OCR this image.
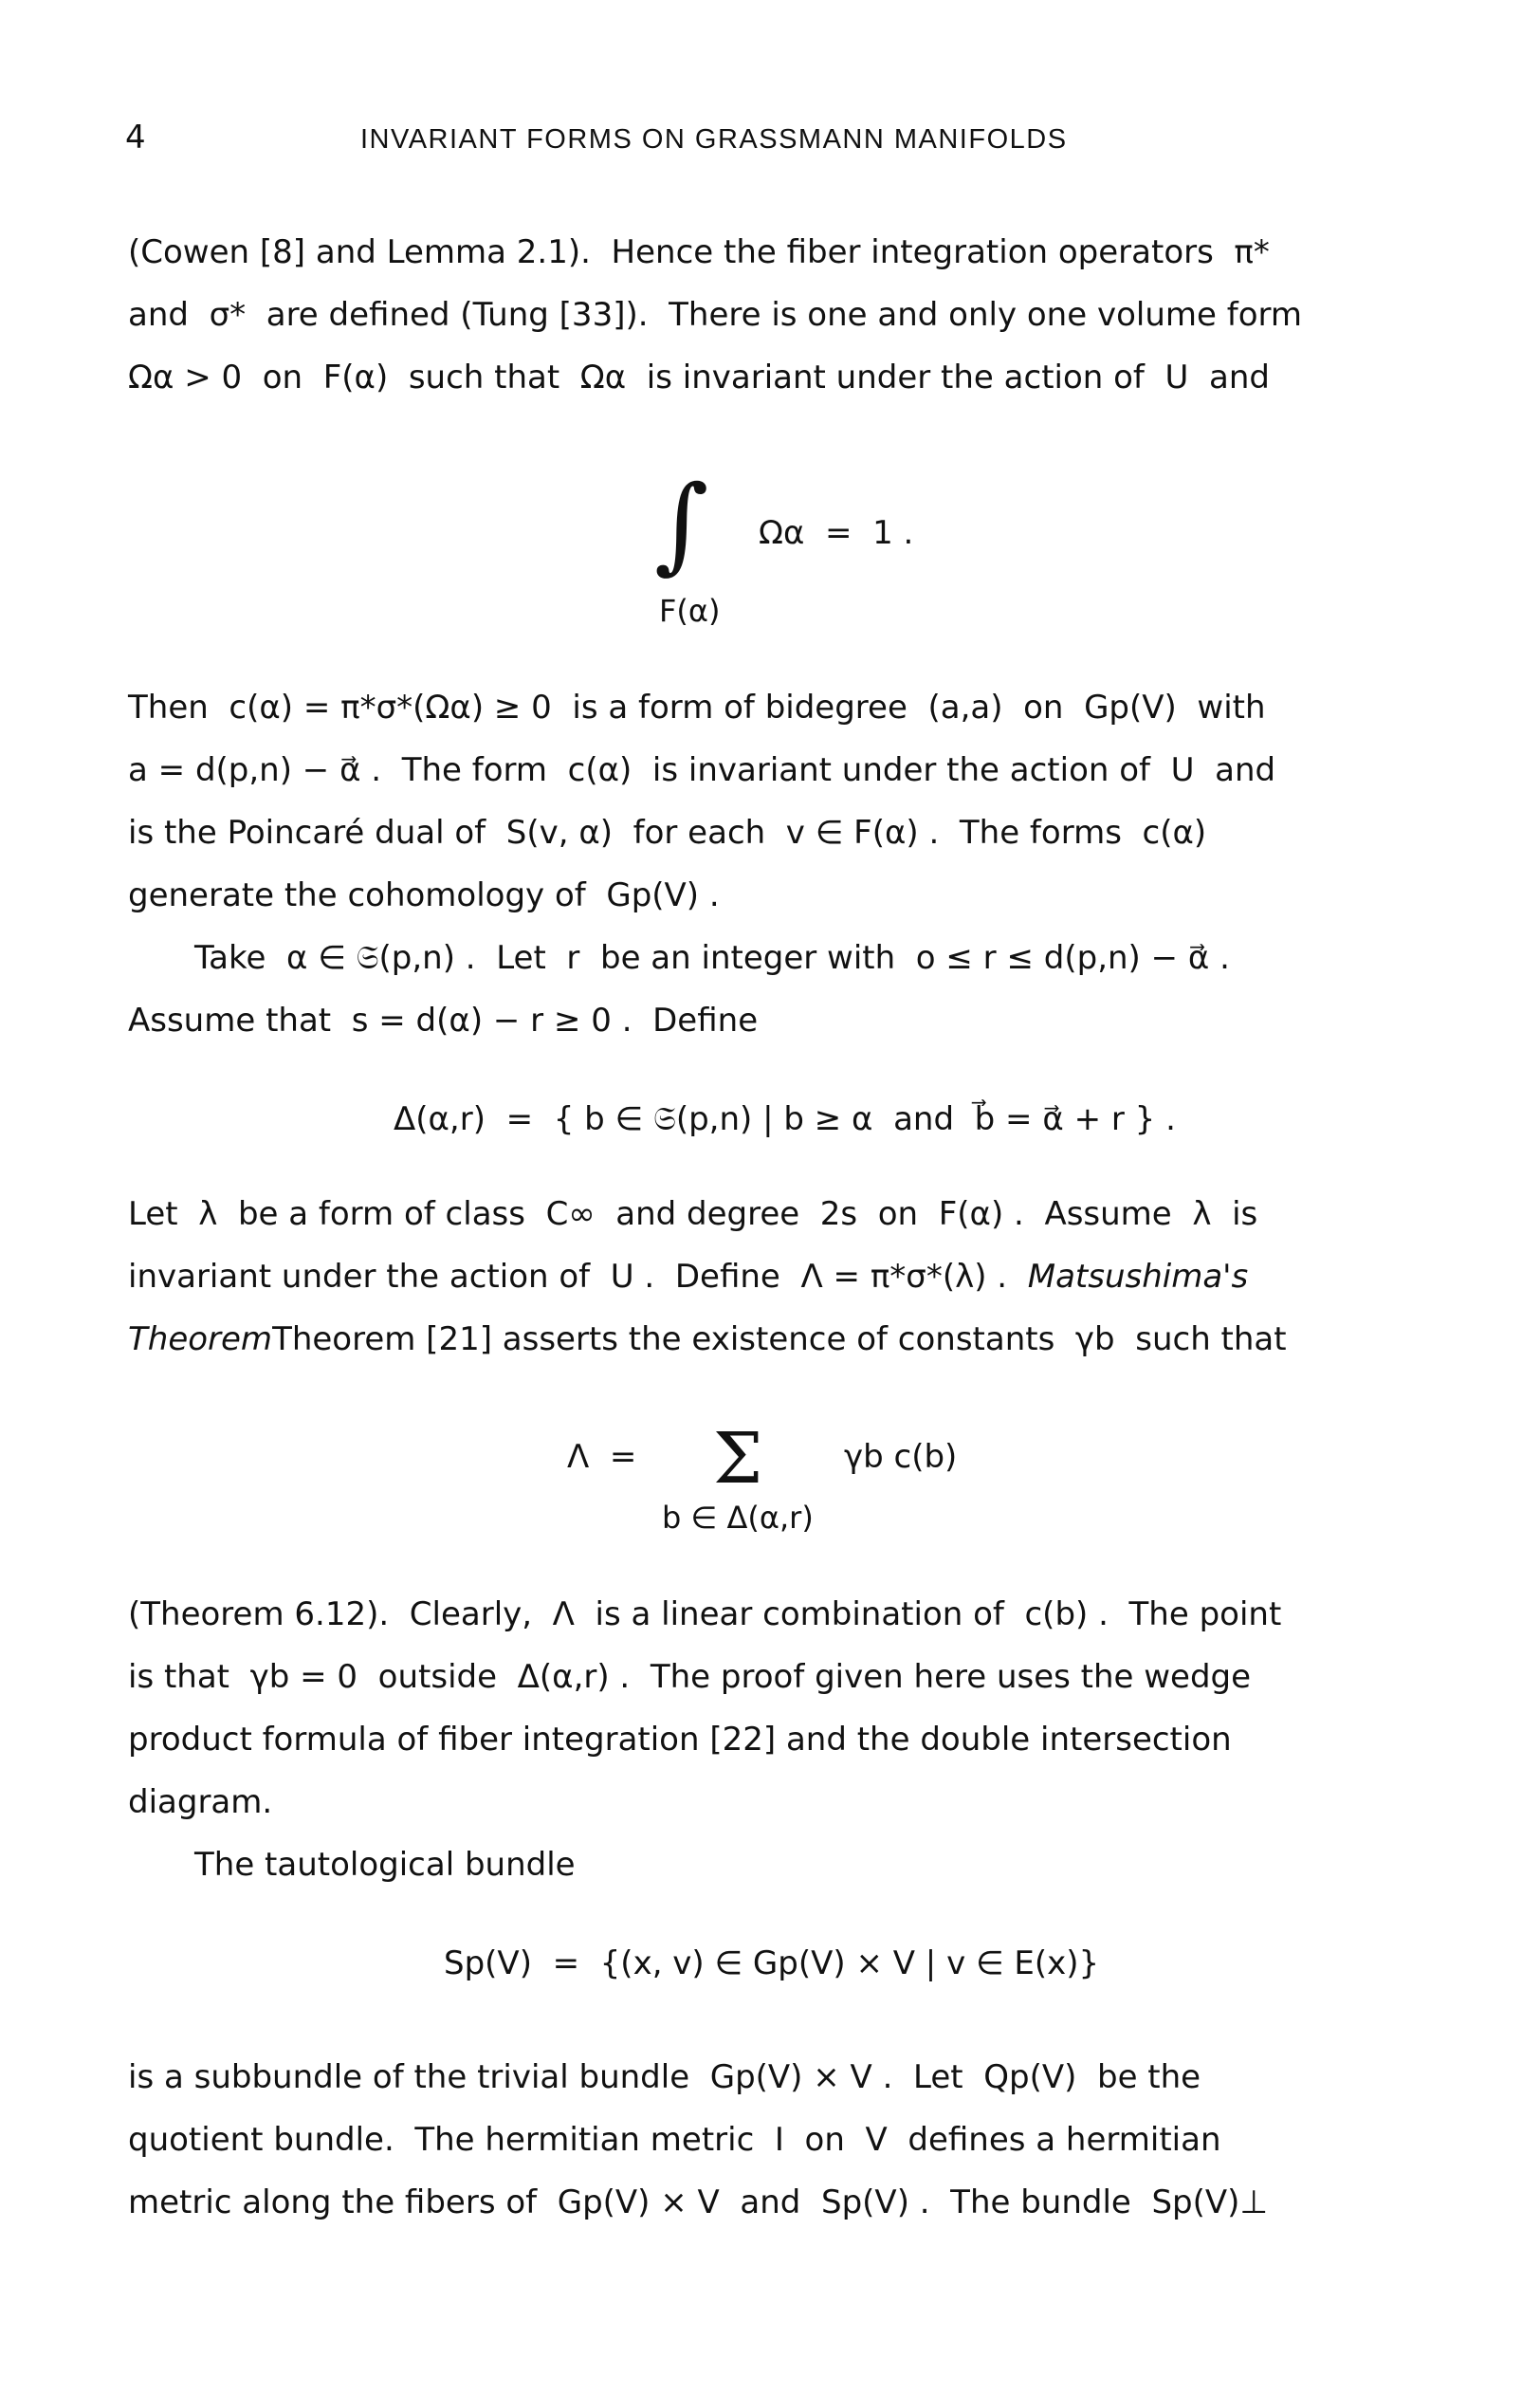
4	INVARIANT FORMS ON GRASSMANN MANIFOLDS
(Cowen [8] and Lemma 2.1).  Hence the fiber integration operators  π*
and  σ*  are defined (Tung [33]).  There is one and only one volume form
Ωα > 0  on  F(α)  such that  Ωα  is invariant under the action of  U  and
∫ Ωα  =  1 .
F(α)
Then  c(α) = π*σ*(Ωα) ≥ 0  is a form of bidegree  (a,a)  on  Gp(V)  with
a = d(p,n) − α⃗ .  The form  c(α)  is invariant under the action of  U  and
is the Poincaré dual of  S(v, α)  for each  v ∈ F(α) .  The forms  c(α)
generate the cohomology of  Gp(V) .
Take  α ∈ 𝔖(p,n) .  Let  r  be an integer with  o ≤ r ≤ d(p,n) − α⃗ .
Assume that  s = d(α) − r ≥ 0 .  Define
Δ(α,r)  =  { b ∈ 𝔖(p,n) | b ≥ α  and  b⃗ = α⃗ + r } .
Let  λ  be a form of class  C∞  and degree  2s  on  F(α) .  Assume  λ  is
invariant under the action of  U .  Define  Λ = π*σ*(λ) . Matsushima's
TheoremTheorem [21] asserts the existence of constants  γb  such that
Λ  = Σ	γb c(b)
b ∈ Δ(α,r)
(Theorem 6.12).  Clearly,  Λ  is a linear combination of  c(b) .  The point
is that  γb = 0  outside  Δ(α,r) .  The proof given here uses the wedge
product formula of fiber integration [22] and the double intersection
diagram.
The tautological bundle
Sp(V)  =  {(x, v) ∈ Gp(V) × V | v ∈ E(x)}
is a subbundle of the trivial bundle  Gp(V) × V .  Let  Qp(V)  be the
quotient bundle.  The hermitian metric  I  on  V  defines a hermitian
metric along the fibers of  Gp(V) × V  and  Sp(V) .  The bundle  Sp(V)⊥
